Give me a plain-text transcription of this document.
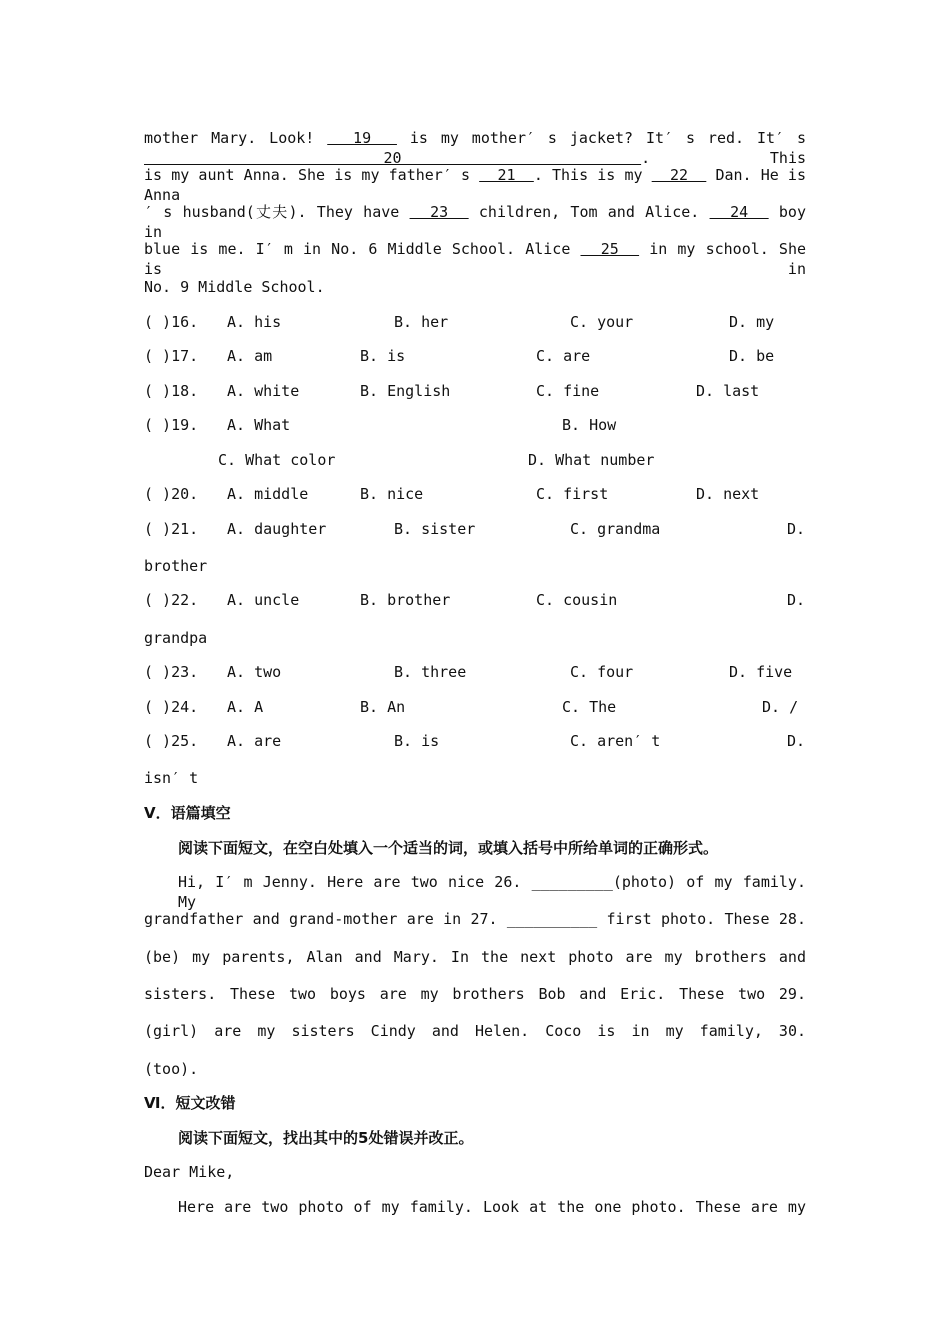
mother Mary. Look!   19   is my mother′ s jacket? It′ s red. It′ s   20  . This
is my aunt Anna. She is my father′ s   21  . This is my   22   Dan. He is Anna
′ s husband(丈夫). They have   23   children, Tom and Alice.   24   boy in
blue is me. I′ m in No. 6 Middle School. Alice   25   in my school. She is in
No. 9 Middle School.
( )16. A. his	B. her	C. your	D. my
( )17. A. am	B. is	C. are	D. be
( )18. A. white	B. English	C. fine	D. last
( )19. A. What	B. How
C. What color	D. What number
( )20. A. middle	B. nice	C. first	D. next
( )21. A. daughter	B. sister	C. grandma	D.
brother
( )22. A. uncle	B. brother	C. cousin	D.
grandpa
( )23. A. two	B. three	C. four	D. five
( )24. A. A	B. An	C. The	D. /
( )25. A. are	B. is	C. aren′ t	D.
isn′ t
Ⅴ．语篇填空
阅读下面短文，在空白处填入一个适当的词，或填入括号中所给单词的正确形式。
Hi, I′ m Jenny. Here are two nice 26. _________(photo) of my family. My
grandfather and grand-mother are in 27. __________ first photo. These 28.
(be) my parents, Alan and Mary. In the next photo are my brothers and
sisters. These two boys are my brothers Bob and Eric. These two 29.
(girl) are my sisters Cindy and Helen. Coco is in my family, 30.
(too).
Ⅵ．短文改错
阅读下面短文，找出其中的5处错误并改正。
Dear Mike,
Here are two photo of my family. Look at the one photo. These are my
